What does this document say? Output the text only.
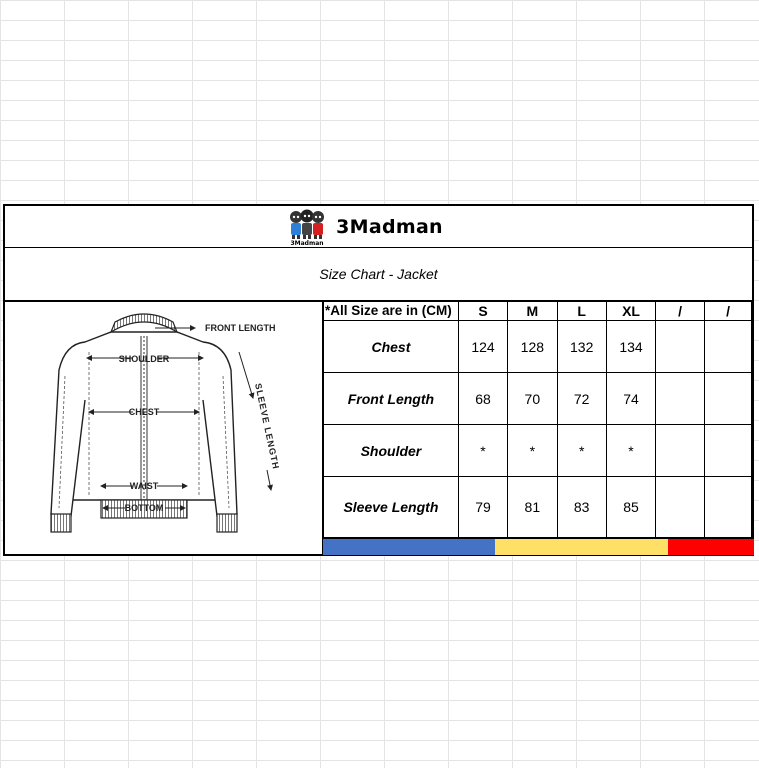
3Madman
3Madman
Size Chart - Jacket
FRONT LENGTH
SHOULDER
CHEST
WAIST
BOTTOM
SLEEVE LENGTH
*All Size are in (CM)	S	M	L	XL	/	/
Chest	124	128	132	134		
Front Length	68	70	72	74		
Shoulder	*	*	*	*		
Sleeve Length	79	81	83	85		
